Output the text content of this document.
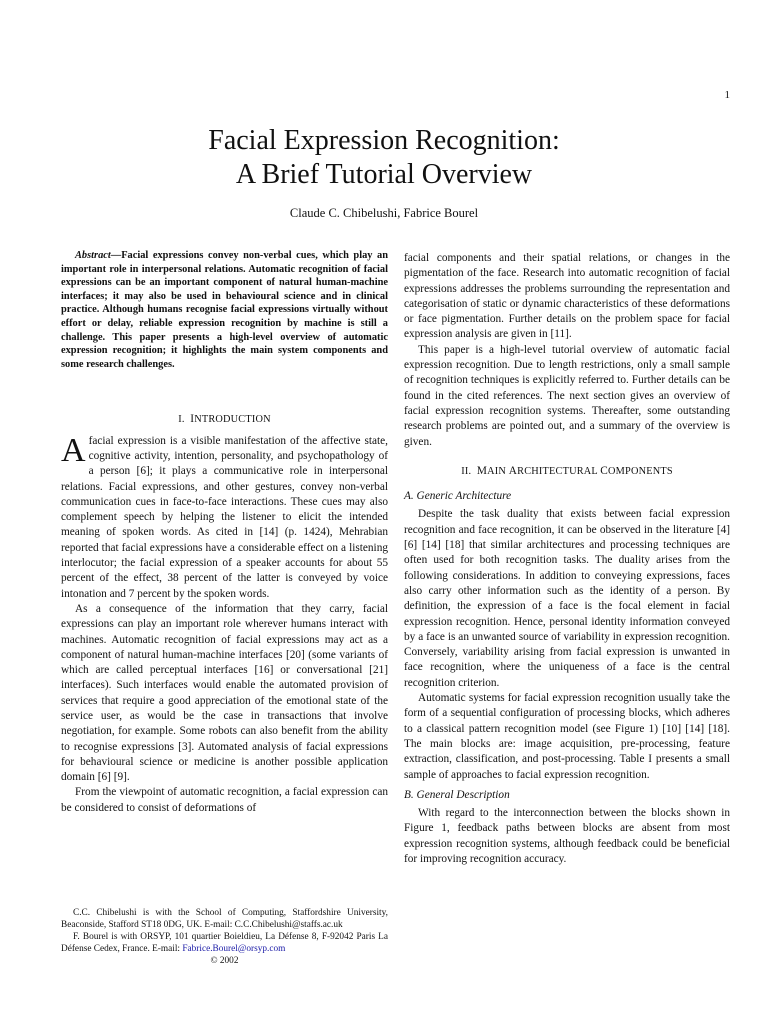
1
Facial Expression Recognition:
A Brief Tutorial Overview
Claude C. Chibelushi, Fabrice Bourel

Abstract—Facial expressions convey non-verbal cues, which play an important role in interpersonal relations. Automatic recognition of facial expressions can be an important component of natural human-machine interfaces; it may also be used in behavioural science and in clinical practice. Although humans recognise facial expressions virtually without effort or delay, reliable expression recognition by machine is still a challenge. This paper presents a high-level overview of automatic expression recognition; it highlights the main system components and some research challenges.

I. INTRODUCTION

Afacial expression is a visible manifestation of the affective state, cognitive activity, intention, personality, and psychopathology of a person [6]; it plays a communicative role in interpersonal relations. Facial expressions, and other gestures, convey non-verbal communication cues in face-to-face interactions. These cues may also complement speech by helping the listener to elicit the intended meaning of spoken words. As cited in [14] (p. 1424), Mehrabian reported that facial expressions have a considerable effect on a listening interlocutor; the facial expression of a speaker accounts for about 55 percent of the effect, 38 percent of the latter is conveyed by voice intonation and 7 percent by the spoken words.

As a consequence of the information that they carry, facial expressions can play an important role wherever humans interact with machines. Automatic recognition of facial expressions may act as a component of natural human-machine interfaces [20] (some variants of which are called perceptual interfaces [16] or conversational [21] interfaces). Such interfaces would enable the automated provision of services that require a good appreciation of the emotional state of the service user, as would be the case in transactions that involve negotiation, for example. Some robots can also benefit from the ability to recognise expressions [3]. Automated analysis of facial expressions for behavioural science or medicine is another possible application domain [6] [9].

From the viewpoint of automatic recognition, a facial expression can be considered to consist of deformations of

facial components and their spatial relations, or changes in the pigmentation of the face. Research into automatic recognition of facial expressions addresses the problems surrounding the representation and categorisation of static or dynamic characteristics of these deformations or face pigmentation. Further details on the problem space for facial expression analysis are given in [11].

This paper is a high-level tutorial overview of automatic facial expression recognition. Due to length restrictions, only a small sample of recognition techniques is explicitly referred to. Further details can be found in the cited references. The next section gives an overview of facial expression recognition systems. Thereafter, some outstanding research problems are pointed out, and a summary of the overview is given.

II. MAIN ARCHITECTURAL COMPONENTS

A. Generic Architecture

Despite the task duality that exists between facial expression recognition and face recognition, it can be observed in the literature [4] [6] [14] [18] that similar architectures and processing techniques are often used for both recognition tasks. The duality arises from the following considerations. In addition to conveying expressions, faces also carry other information such as the identity of a person. By definition, the expression of a face is the focal element in facial expression recognition. Hence, personal identity information conveyed by a face is an unwanted source of variability in expression recognition. Conversely, variability arising from facial expression is unwanted in face recognition, where the uniqueness of a face is the central recognition criterion.

Automatic systems for facial expression recognition usually take the form of a sequential configuration of processing blocks, which adheres to a classical pattern recognition model (see Figure 1) [10] [14] [18]. The main blocks are: image acquisition, pre-processing, feature extraction, classification, and post-processing. Table I presents a small sample of approaches to facial expression recognition.

B. General Description

With regard to the interconnection between the blocks shown in Figure 1, feedback paths between blocks are absent from most expression recognition systems, although feedback could be beneficial for improving recognition accuracy.

C.C. Chibelushi is with the School of Computing, Staffordshire University, Beaconside, Stafford ST18 0DG, UK. E-mail: C.C.Chibelushi@staffs.ac.uk

F. Bourel is with ORSYP, 101 quartier Boieldieu, La Défense 8, F-92042 Paris La Défense Cedex, France. E-mail: Fabrice.Bourel@orsyp.com

© 2002
